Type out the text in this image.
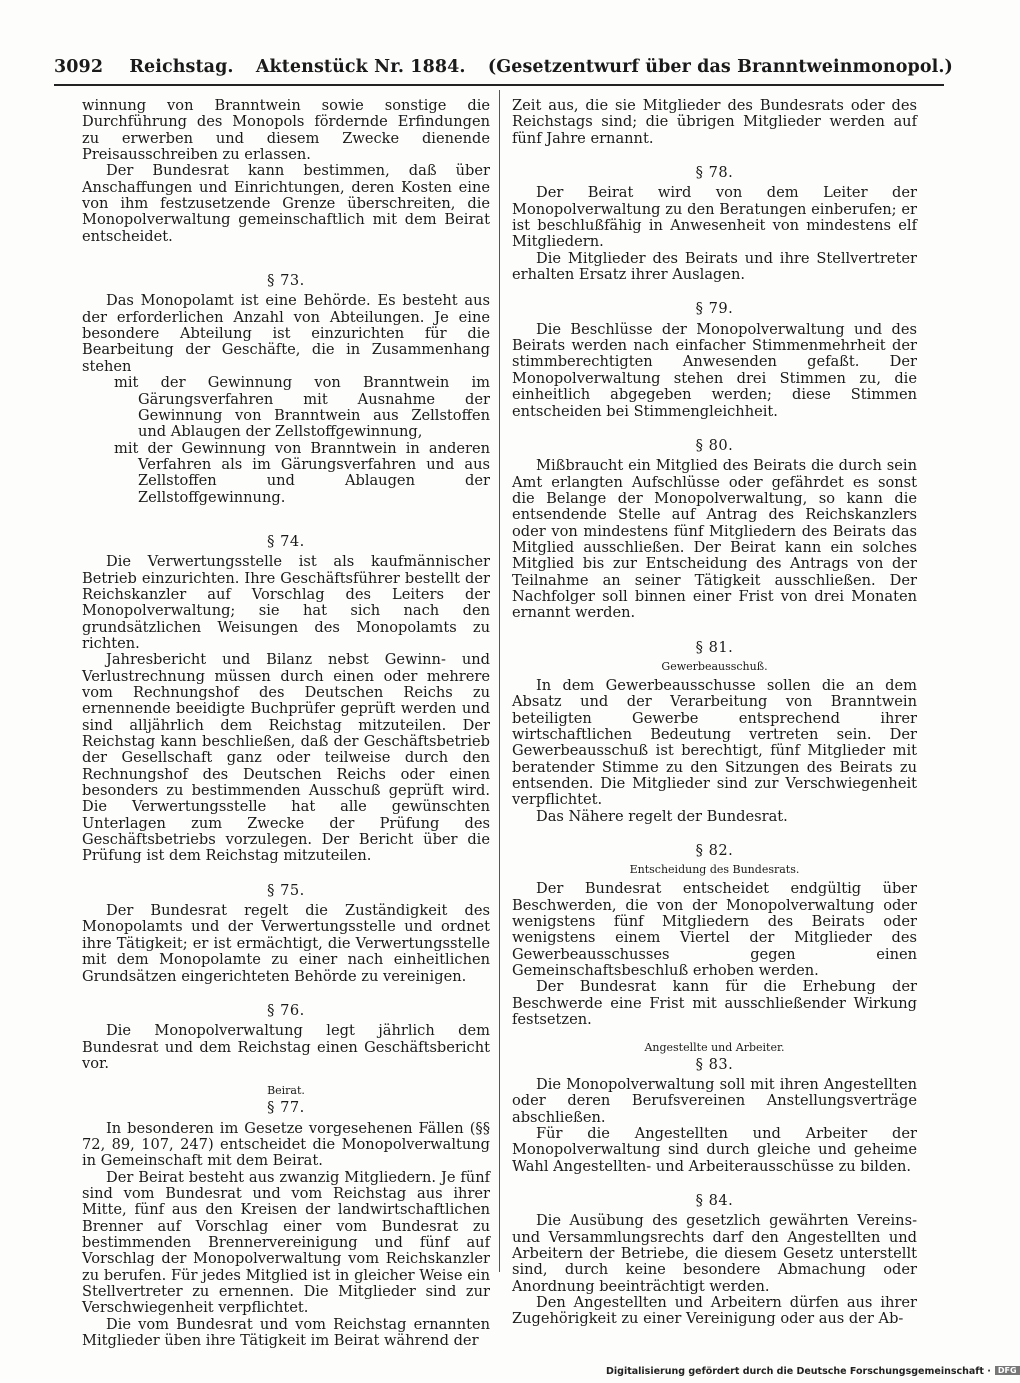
3092 Reichstag. Aktenstück Nr. 1884. (Gesetzentwurf über das Branntweinmonopol.)

winnung von Branntwein sowie sonstige die Durchführung des Monopols fördernde Erfindungen zu erwerben und diesem Zwecke dienende Preisausschreiben zu erlassen.

Der Bundesrat kann bestimmen, daß über Anschaffungen und Einrichtungen, deren Kosten eine von ihm festzusetzende Grenze überschreiten, die Monopolverwaltung gemeinschaftlich mit dem Beirat entscheidet.

§ 73.

Das Monopolamt ist eine Behörde. Es besteht aus der erforderlichen Anzahl von Abteilungen. Je eine besondere Abteilung ist einzurichten für die Bearbeitung der Geschäfte, die in Zusammenhang stehen

mit der Gewinnung von Branntwein im Gärungsverfahren mit Ausnahme der Gewinnung von Branntwein aus Zellstoffen und Ablaugen der Zellstoffgewinnung,

mit der Gewinnung von Branntwein in anderen Verfahren als im Gärungsverfahren und aus Zellstoffen und Ablaugen der Zellstoffgewinnung.

§ 74.

Die Verwertungsstelle ist als kaufmännischer Betrieb einzurichten. Ihre Geschäftsführer bestellt der Reichskanzler auf Vorschlag des Leiters der Monopolverwaltung; sie hat sich nach den grundsätzlichen Weisungen des Monopolamts zu richten.

Jahresbericht und Bilanz nebst Gewinn- und Verlustrechnung müssen durch einen oder mehrere vom Rechnungshof des Deutschen Reichs zu ernennende beeidigte Buchprüfer geprüft werden und sind alljährlich dem Reichstag mitzuteilen. Der Reichstag kann beschließen, daß der Geschäftsbetrieb der Gesellschaft ganz oder teilweise durch den Rechnungshof des Deutschen Reichs oder einen besonders zu bestimmenden Ausschuß geprüft wird. Die Verwertungsstelle hat alle gewünschten Unterlagen zum Zwecke der Prüfung des Geschäftsbetriebs vorzulegen. Der Bericht über die Prüfung ist dem Reichstag mitzuteilen.

§ 75.

Der Bundesrat regelt die Zuständigkeit des Monopolamts und der Verwertungsstelle und ordnet ihre Tätigkeit; er ist ermächtigt, die Verwertungsstelle mit dem Monopolamte zu einer nach einheitlichen Grundsätzen eingerichteten Behörde zu vereinigen.

§ 76.

Die Monopolverwaltung legt jährlich dem Bundesrat und dem Reichstag einen Geschäftsbericht vor.

Beirat.
§ 77.

In besonderen im Gesetze vorgesehenen Fällen (§§ 72, 89, 107, 247) entscheidet die Monopolverwaltung in Gemeinschaft mit dem Beirat.

Der Beirat besteht aus zwanzig Mitgliedern. Je fünf sind vom Bundesrat und vom Reichstag aus ihrer Mitte, fünf aus den Kreisen der landwirtschaftlichen Brenner auf Vorschlag einer vom Bundesrat zu bestimmenden Brennervereinigung und fünf auf Vorschlag der Monopolverwaltung vom Reichskanzler zu berufen. Für jedes Mitglied ist in gleicher Weise ein Stellvertreter zu ernennen. Die Mitglieder sind zur Verschwiegenheit verpflichtet.

Die vom Bundesrat und vom Reichstag ernannten Mitglieder üben ihre Tätigkeit im Beirat während der

Zeit aus, die sie Mitglieder des Bundesrats oder des Reichstags sind; die übrigen Mitglieder werden auf fünf Jahre ernannt.

§ 78.

Der Beirat wird von dem Leiter der Monopolverwaltung zu den Beratungen einberufen; er ist beschlußfähig in Anwesenheit von mindestens elf Mitgliedern.

Die Mitglieder des Beirats und ihre Stellvertreter erhalten Ersatz ihrer Auslagen.

§ 79.

Die Beschlüsse der Monopolverwaltung und des Beirats werden nach einfacher Stimmenmehrheit der stimmberechtigten Anwesenden gefaßt. Der Monopolverwaltung stehen drei Stimmen zu, die einheitlich abgegeben werden; diese Stimmen entscheiden bei Stimmengleichheit.

§ 80.

Mißbraucht ein Mitglied des Beirats die durch sein Amt erlangten Aufschlüsse oder gefährdet es sonst die Belange der Monopolverwaltung, so kann die entsendende Stelle auf Antrag des Reichskanzlers oder von mindestens fünf Mitgliedern des Beirats das Mitglied ausschließen. Der Beirat kann ein solches Mitglied bis zur Entscheidung des Antrags von der Teilnahme an seiner Tätigkeit ausschließen. Der Nachfolger soll binnen einer Frist von drei Monaten ernannt werden.

§ 81.
Gewerbeausschuß.

In dem Gewerbeausschusse sollen die an dem Absatz und der Verarbeitung von Branntwein beteiligten Gewerbe entsprechend ihrer wirtschaftlichen Bedeutung vertreten sein. Der Gewerbeausschuß ist berechtigt, fünf Mitglieder mit beratender Stimme zu den Sitzungen des Beirats zu entsenden. Die Mitglieder sind zur Verschwiegenheit verpflichtet.

Das Nähere regelt der Bundesrat.

§ 82.
Entscheidung des Bundesrats.

Der Bundesrat entscheidet endgültig über Beschwerden, die von der Monopolverwaltung oder wenigstens fünf Mitgliedern des Beirats oder wenigstens einem Viertel der Mitglieder des Gewerbeausschusses gegen einen Gemeinschaftsbeschluß erhoben werden.

Der Bundesrat kann für die Erhebung der Beschwerde eine Frist mit ausschließender Wirkung festsetzen.

Angestellte und Arbeiter.
§ 83.

Die Monopolverwaltung soll mit ihren Angestellten oder deren Berufsvereinen Anstellungsverträge abschließen.

Für die Angestellten und Arbeiter der Monopolverwaltung sind durch gleiche und geheime Wahl Angestellten- und Arbeiterausschüsse zu bilden.

§ 84.

Die Ausübung des gesetzlich gewährten Vereins- und Versammlungsrechts darf den Angestellten und Arbeitern der Betriebe, die diesem Gesetz unterstellt sind, durch keine besondere Abmachung oder Anordnung beeinträchtigt werden.

Den Angestellten und Arbeitern dürfen aus ihrer Zugehörigkeit zu einer Vereinigung oder aus der Ab-

Digitalisierung gefördert durch die Deutsche Forschungsgemeinschaft · DFG
